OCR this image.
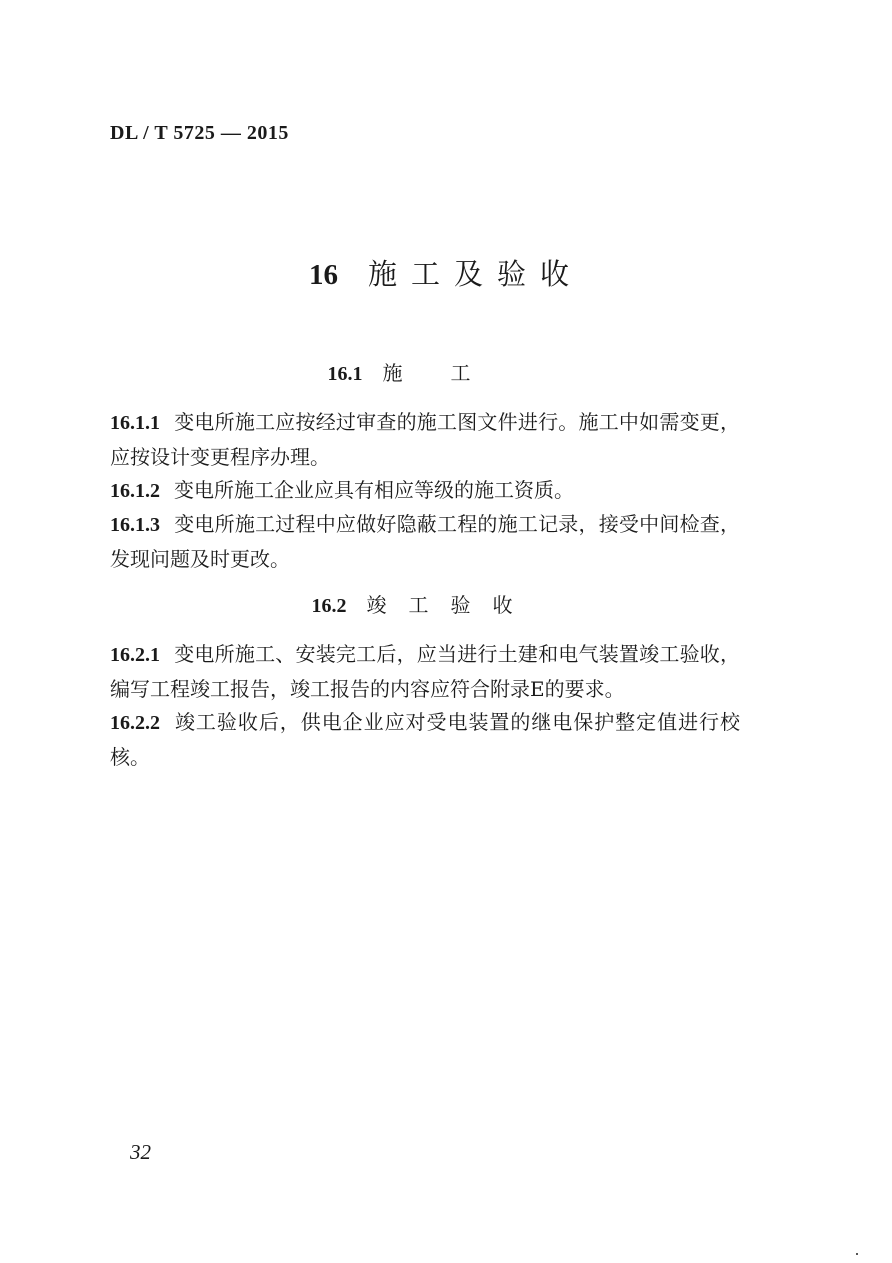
DL / T 5725 — 2015
16 施工及验收
16.1 施工
16.1.1 变电所施工应按经过审查的施工图文件进行。施工中如需变更，应按设计变更程序办理。
16.1.2 变电所施工企业应具有相应等级的施工资质。
16.1.3 变电所施工过程中应做好隐蔽工程的施工记录，接受中间检查，发现问题及时更改。
16.2 竣工验收
16.2.1 变电所施工、安装完工后，应当进行土建和电气装置竣工验收，编写工程竣工报告，竣工报告的内容应符合附录E的要求。
16.2.2 竣工验收后，供电企业应对受电装置的继电保护整定值进行校核。
32
